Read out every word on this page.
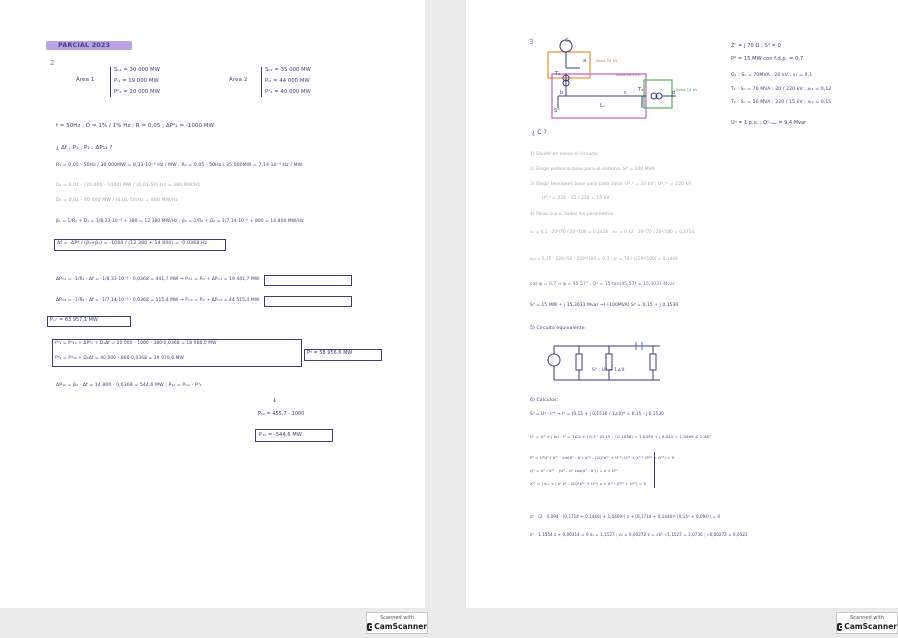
PARCIAL 2023
2
Àrea 1
Sₙ₁ = 30 000 MW
Pᵢ₁ = 19 000 MW
Pᵈ₁ = 20 000 MW
Àrea 2
Sₙ₂ = 35 000 MW
Pᵢ₂ = 44 000 MW
Pᵈ₂ = 40 000 MW
f = 50Hz ; D = 1% / 1% Hz ; R = 0,05 ; ΔPᵈ₁ = -1000 MW
¿ Δf , P₁ , P₂ , ΔP₁₂ ?
R₁ = 0,05 · 50Hz / 30 000MW = 8,33·10⁻⁵ Hz / MW ; R₂ = 0,05 · 50Hz / 35 000MW = 7,14·10⁻⁵ Hz / MW
D₁ = 0,01 · (20 000 - 1000) MW / (0,01·50) Hz = 380 MW/Hz
D₂ = 0,01 · 40 000 MW / (0,01·50)Hz = 800 MW/Hz
β₁ = 1/R₁ + D₁ = 1/8,33·10⁻⁵ + 380 = 12 380 MW/Hz ; β₂ = 1/R₂ + D₂ = 1/7,14·10⁻⁵ + 800 = 14 800 MW/Hz
Δf = -ΔPᵈ / (β₁+β₂) = -1000 / (12 380 + 14 800) = -0,0368 Hz
ΔPₘ₁ = -1/R₁ · Δf = -1/8,33·10⁻⁵ · 0,0368 = 441,7 MW ⇒ Pₘ₁ = Pᵢ₁ + ΔPₘ₁ = 19 441,7 MW
ΔPₘ₂ = -1/R₂ · Δf = -1/7,14·10⁻⁵ · 0,0368 = 515,4 MW ⇒ Pₘ₂ = Pᵢ₂ + ΔPₘ₂ = 44 515,4 MW
Pₘᵗ = 63 957,1 MW
Pᵈ₁ = Pᵈ₁₀ + ΔPᵈ₁ + D₁Δf = 20 000 - 1000 - 380·0,0368 = 18 986,0 MW
Pᵈ₂ = Pᵈ₂₀ + D₂Δf = 40 000 - 800·0,0368 = 39 970,6 MW
Pᵈ = 58 956,6 MW
ΔP₁₂ = β₂ · Δf = 14 800 · 0,0368 = 544,6 MW ; P₁₂ = Pₘ₁ - Pᵈ₁
↓
P₁₂ = 455,7 - 1000
P₁₂ = -544,6 MW
3	G₁
T₁
T₂
a
b	c	d
Sᵈ
L₁
Zona 20 kV
Zona 220 kV
Zona 15 kV
Żᴸ = j 70 Ω ; Sᵈ = 0
Pᵈ = 15 MW con f.d.p. = 0,7
G₁ : Sₙ = 70MVA , 20 kV , x₁ = 0,1
T₁ : Sₙ = 70 MVA ; 20 / 220 kV ; xₜ₁ = 0,12
T₂ : Sₙ = 50 MVA ; 220 / 15 kV ; xₜ₂ = 0,15
Uᵈ = 1 p.u. ; Qᴳₘₐₓ = 9,4 Mvar
¿ C ?
1) Dividir en zonas el circuito.
2) Elegir potencia base para el sistema: Sᴮ = 100 MVA
3) Elegir tensiones base para cada zona: Uᴮ,ᵃ = 20 kV ; Uᴮ,ᵇᶜ = 220 kV
Uᴮ,ᵈ = 220 · 15 / 220 = 15 kV
4) Pasar a p.u. todos los parámetros.
x₁ = 0,1 · 20²/70 / 20²/100 = 0,1428 ; xₜ₁ = 0,12 · 20²/70 / 20²/100 = 0,1714
xₜ₂ = 0,15 · 220²/50 / 220²/100 = 0,3 ; xᴸ = 70 / (220²/100) = 0,1446
cos φ = 0,7 → φ = 45,57° , Qᵈ = 15 tan(45,57) = 15,3031 Mvar
Sᵈ = 15 MW + j 15,3031 Mvar →(÷100MVA) Sᵈ = 0,15 + j 0,1530
5) Circuito equivalente:
Sᵈ ; Uᵈ = 1∠0
6) Cálculos:
Sᵈ = Uᵈ · Iᵈ* → Iᵈ = (0,15 + j 0,1530 / 1∠0)* = 0,15 - j 0,1530
Uᶜ = Uᵈ + j xₜ₂ · Iᵈ = 1∠0 + j 0,3 · (0,15 - j 0,1530) = 1,0459 + j 0,045 = 1,0469 ∠ 2,46°
Pᵃ = UᵃUᶜ / Xᵃᶜ · sin(δᵃ - δᶜ) Uᵃ⁴ - (2QᵃXᵃᶜ + Uᶜ²) Uᵃ² + Xᵃᶜ² (Pᵃ² + Qᵃ²) = 0
Qᵃ = Uᵃ / Xᵃᶜ · (Uᵃ - Uᶜ cos(δᵃ - δᶜ)) ↓ z = Uᵃ²
Xᵃᶜ = j xₜ₁ + j xᴸ z² - (2QᵃXᵃᶜ + Uᶜ²) z + Xᵃᶜ² (Pᵃ² + Qᵃ²) = 0
z² - (2 · 0,094 · (0,1714 + 0,1446) + 1,0469²) z + (0,1714 + 0,1446)² (0,15² + 0,094²) = 0
z² - 1,1554 z + 0,00314 = 0 z₁ = 1,1527 ; z₂ = 0,00272 z = √Uᵃ √1,1527 = 1,0736 ; √0,00272 = 0,0522
Scanned with
CamScanner
Scanned with
CamScanner
